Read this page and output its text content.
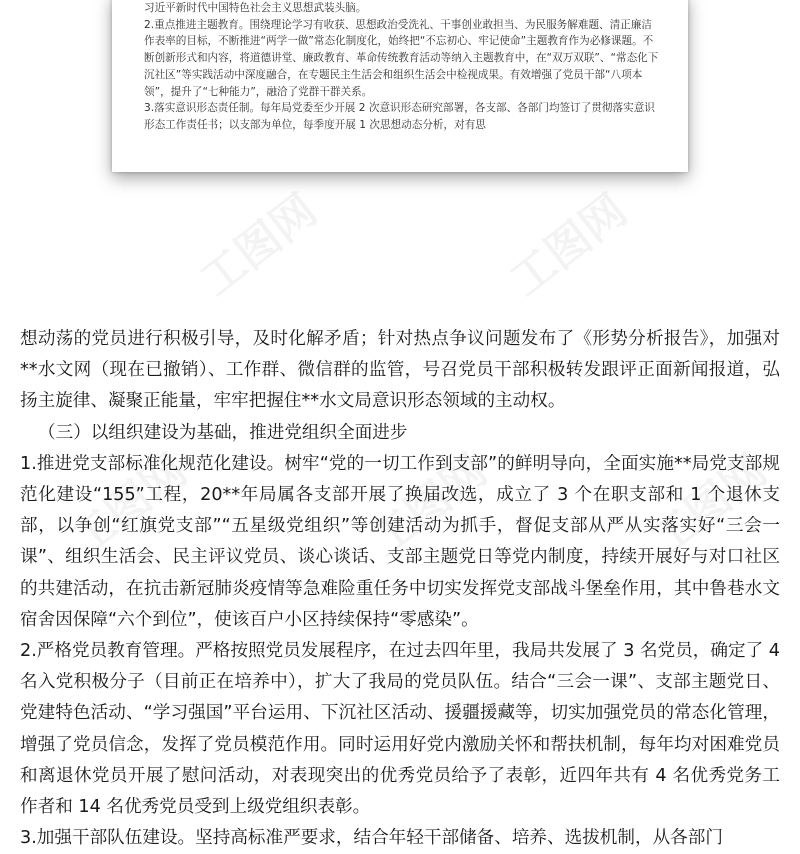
工图网	工图网
工图网	工图网	工图网

习近平新时代中国特色社会主义思想武装头脑。

2.重点推进主题教育。围绕理论学习有收获、思想政治受洗礼、干事创业敢担当、为民服务解难题、清正廉洁作表率的目标，不断推进“两学一做”常态化制度化，始终把“不忘初心、牢记使命”主题教育作为必修课题。不断创新形式和内容，将道德讲堂、廉政教育、革命传统教育活动等纳入主题教育中，在“双万双联”、“常态化下沉社区”等实践活动中深度融合，在专题民主生活会和组织生活会中检视成果。有效增强了党员干部“八项本领”，提升了“七种能力”，融洽了党群干群关系。

3.落实意识形态责任制。每年局党委至少开展 2 次意识形态研究部署，各支部、各部门均签订了贯彻落实意识形态工作责任书；以支部为单位，每季度开展 1 次思想动态分析，对有思

想动荡的党员进行积极引导，及时化解矛盾；针对热点争议问题发布了《形势分析报告》，加强对**水文网（现在已撤销）、工作群、微信群的监管，号召党员干部积极转发跟评正面新闻报道，弘扬主旋律、凝聚正能量，牢牢把握住**水文局意识形态领域的主动权。

（三）以组织建设为基础，推进党组织全面进步

1.推进党支部标准化规范化建设。树牢“党的一切工作到支部”的鲜明导向，全面实施**局党支部规范化建设“155”工程，20**年局属各支部开展了换届改选，成立了 3 个在职支部和 1 个退休支部，以争创“红旗党支部”“五星级党组织”等创建活动为抓手，督促支部从严从实落实好“三会一课”、组织生活会、民主评议党员、谈心谈话、支部主题党日等党内制度，持续开展好与对口社区的共建活动，在抗击新冠肺炎疫情等急难险重任务中切实发挥党支部战斗堡垒作用，其中鲁巷水文宿舍因保障“六个到位”，使该百户小区持续保持“零感染”。

2.严格党员教育管理。严格按照党员发展程序，在过去四年里，我局共发展了 3 名党员，确定了 4 名入党积极分子（目前正在培养中），扩大了我局的党员队伍。结合“三会一课”、支部主题党日、党建特色活动、“学习强国”平台运用、下沉社区活动、援疆援藏等，切实加强党员的常态化管理，增强了党员信念，发挥了党员模范作用。同时运用好党内激励关怀和帮扶机制，每年均对困难党员和离退休党员开展了慰问活动，对表现突出的优秀党员给予了表彰，近四年共有 4 名优秀党务工作者和 14 名优秀党员受到上级党组织表彰。

3.加强干部队伍建设。坚持高标准严要求，结合年轻干部储备、培养、选拔机制，从各部门
